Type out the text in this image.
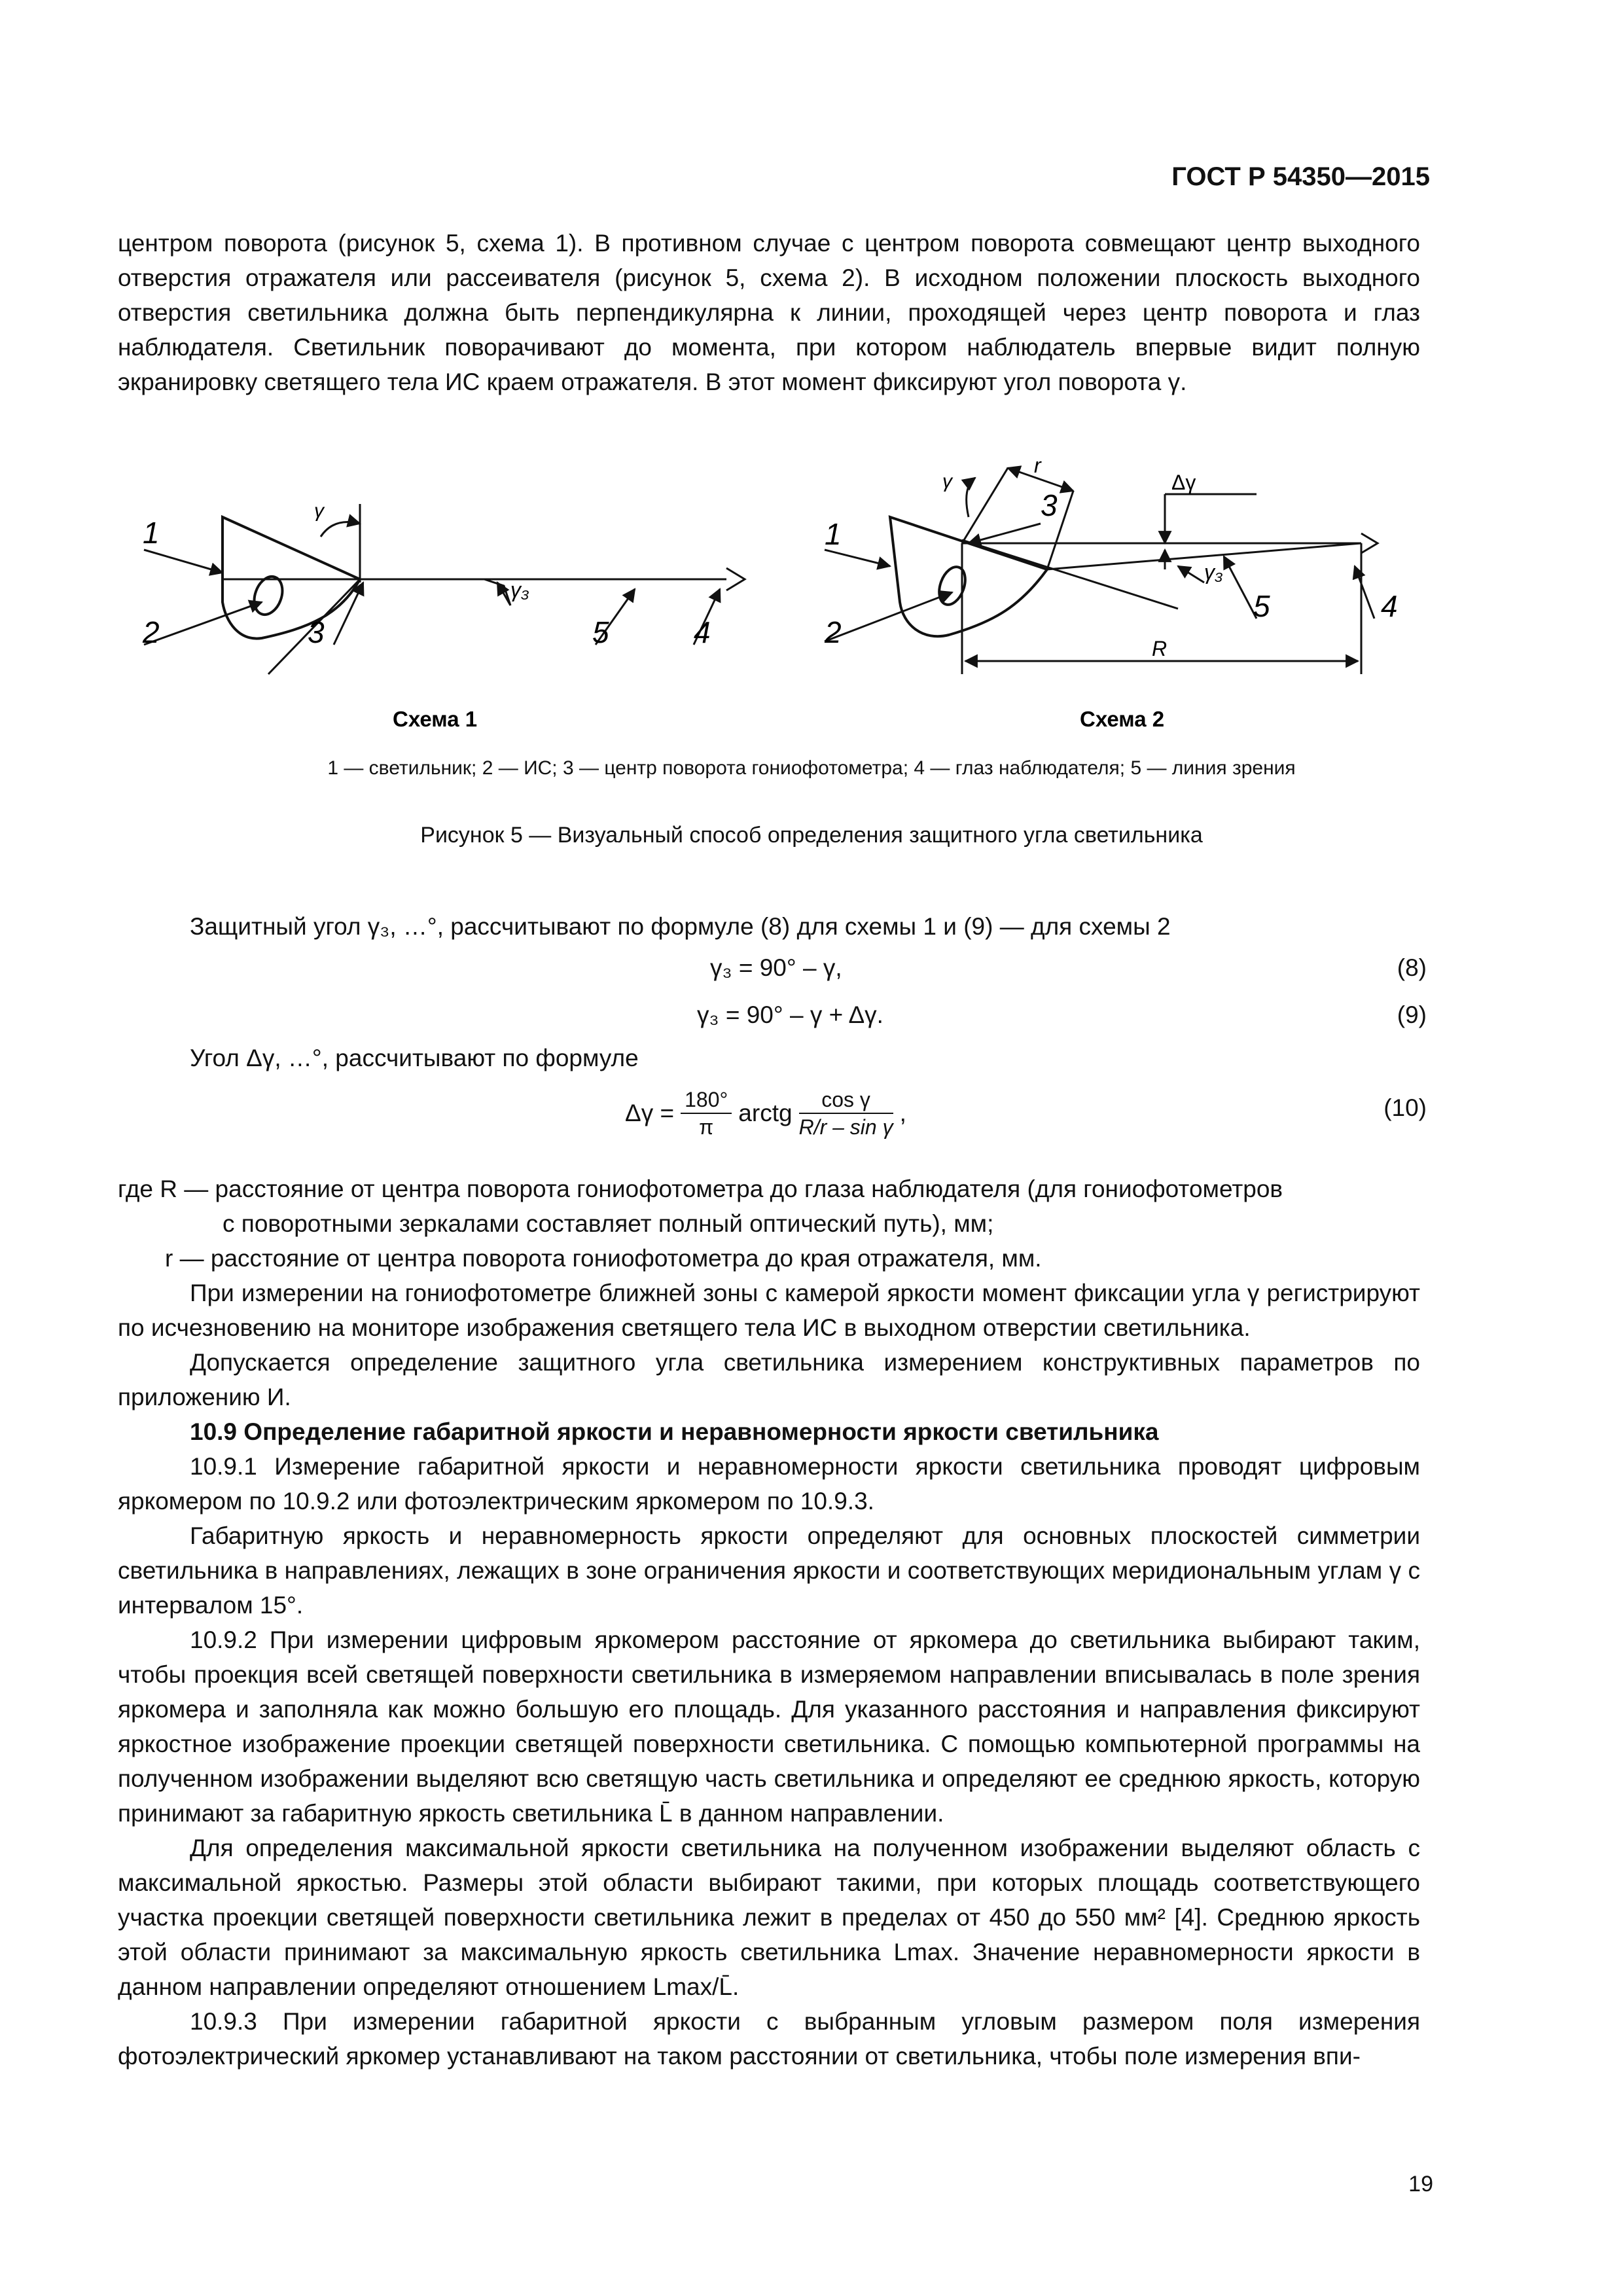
ГОСТ Р 54350—2015

центром поворота (рисунок 5, схема 1). В противном случае с центром поворота совмещают центр выходного отверстия отражателя или рассеивателя (рисунок 5, схема 2). В исходном положении плоскость выходного отверстия светильника должна быть перпендикулярна к линии, проходящей через центр поворота и глаз наблюдателя. Светильник поворачивают до момента, при котором наблюдатель впервые видит полную экранировку светящего тела ИС краем отражателя. В этот момент фиксируют угол поворота γ.

1
2	3	5	4
γ
γ₃
Схема 1
1
2
3
5	4
γ
γ₃
Δγ
r
R
Схема 2
1 — светильник; 2 — ИС; 3 — центр поворота гониофотометра; 4 — глаз наблюдателя; 5 — линия зрения
Рисунок 5 — Визуальный способ определения защитного угла светильника
Защитный угол γ₃, …°, рассчитывают по формуле (8) для схемы 1 и (9) — для схемы 2
γ₃ = 90° – γ,	(8)
γ₃ = 90° – γ + Δγ.	(9)
Угол Δγ, …°, рассчитывают по формуле
$\Delta\gamma = \frac{180^\circ}{\pi}$ arctg $\frac{\text{cos γ}}{\text{R/r – sin γ}}$ ,	(10)
где R — расстояние от центра поворота гониофотометра до глаза наблюдателя (для гониофотометров
с поворотными зеркалами составляет полный оптический путь), мм;
r — расстояние от центра поворота гониофотометра до края отражателя, мм.

При измерении на гониофотометре ближней зоны с камерой яркости момент фиксации угла γ регистрируют по исчезновению на мониторе изображения светящего тела ИС в выходном отверстии светильника.

Допускается определение защитного угла светильника измерением конструктивных параметров по приложению И.

10.9 Определение габаритной яркости и неравномерности яркости светильника

10.9.1 Измерение габаритной яркости и неравномерности яркости светильника проводят цифровым яркомером по 10.9.2 или фотоэлектрическим яркомером по 10.9.3.

Габаритную яркость и неравномерность яркости определяют для основных плоскостей симметрии светильника в направлениях, лежащих в зоне ограничения яркости и соответствующих меридиональным углам γ с интервалом 15°.

10.9.2 При измерении цифровым яркомером расстояние от яркомера до светильника выбирают таким, чтобы проекция всей светящей поверхности светильника в измеряемом направлении вписывалась в поле зрения яркомера и заполняла как можно большую его площадь. Для указанного расстояния и направления фиксируют яркостное изображение проекции светящей поверхности светильника. С помощью компьютерной программы на полученном изображении выделяют всю светящую часть светильника и определяют ее среднюю яркость, которую принимают за габаритную яркость светильника L̄ в данном направлении.

Для определения максимальной яркости светильника на полученном изображении выделяют область с максимальной яркостью. Размеры этой области выбирают такими, при которых площадь соответствующего участка проекции светящей поверхности светильника лежит в пределах от 450 до 550 мм² [4]. Среднюю яркость этой области принимают за максимальную яркость светильника Lmax. Значение неравномерности яркости в данном направлении определяют отношением Lmax/L̄.

10.9.3 При измерении габаритной яркости с выбранным угловым размером поля измерения фотоэлектрический яркомер устанавливают на таком расстоянии от светильника, чтобы поле измерения впи-

19
